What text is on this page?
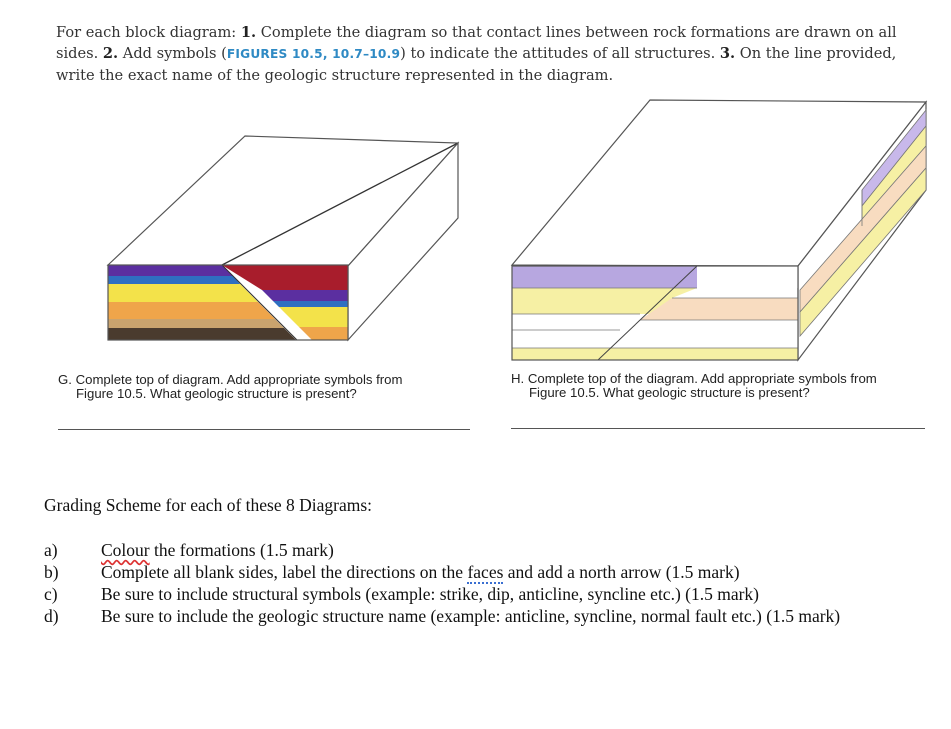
For each block diagram: 1. Complete the diagram so that contact lines between rock formations are drawn on all sides. 2. Add symbols (FIGURES 10.5, 10.7–10.9) to indicate the attitudes of all structures. 3. On the line provided, write the exact name of the geologic structure represented in the diagram.
G. Complete top of diagram. Add appropriate symbols from
Figure 10.5. What geologic structure is present?
H. Complete top of the diagram. Add appropriate symbols from
Figure 10.5. What geologic structure is present?
Grading Scheme for each of these 8 Diagrams:
a)	Colour the formations (1.5 mark)
b)	Complete all blank sides, label the directions on the faces and add a north arrow (1.5 mark)
c)	Be sure to include structural symbols (example: strike, dip, anticline, syncline etc.) (1.5 mark)
d)	Be sure to include the geologic structure name (example: anticline, syncline, normal fault etc.) (1.5 mark)
